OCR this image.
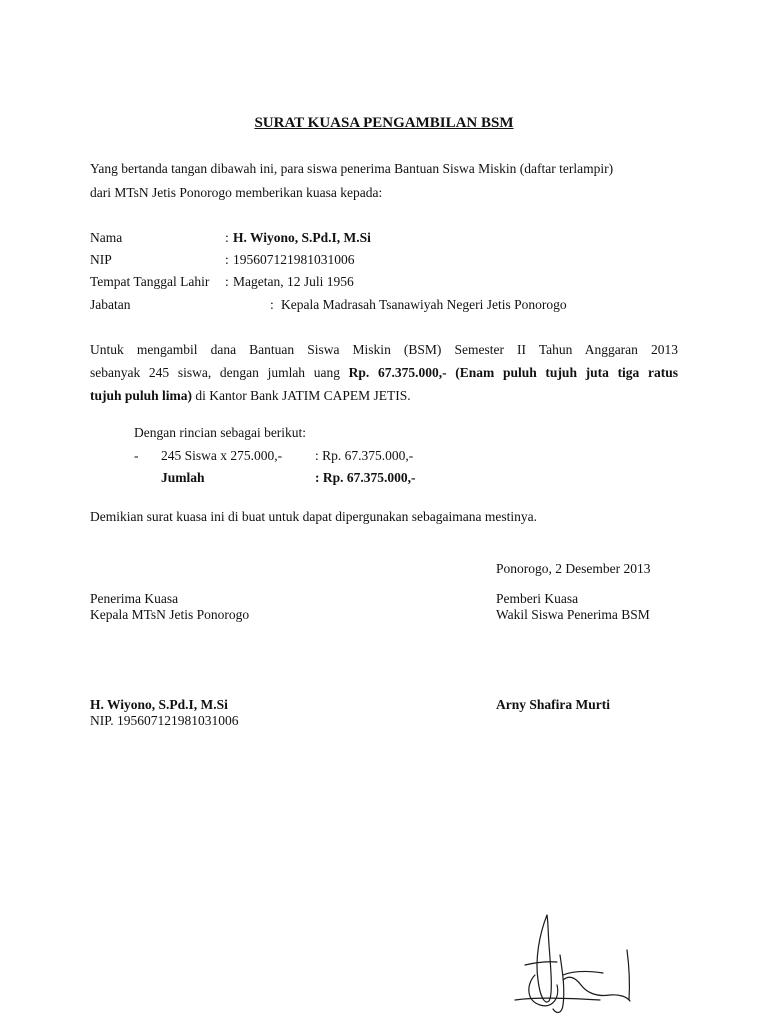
SURAT KUASA PENGAMBILAN BSM
Yang bertanda tangan dibawah ini, para siswa penerima Bantuan Siswa Miskin (daftar terlampir)
dari MTsN Jetis Ponorogo memberikan kuasa kepada:
Nama	: H. Wiyono, S.Pd.I, M.Si
NIP	: 195607121981031006
Tempat Tanggal Lahir : Magetan, 12 Juli 1956
Jabatan	: Kepala Madrasah Tsanawiyah Negeri Jetis Ponorogo
Untuk mengambil dana Bantuan Siswa Miskin (BSM) Semester II Tahun Anggaran 2013
sebanyak 245 siswa, dengan jumlah uang Rp. 67.375.000,- (Enam puluh tujuh juta tiga ratus
tujuh puluh lima) di Kantor Bank JATIM CAPEM JETIS.
Dengan rincian sebagai berikut:
- 245 Siswa x 275.000,- : Rp. 67.375.000,-
Jumlah	: Rp. 67.375.000,-
Demikian surat kuasa ini di buat untuk dapat dipergunakan sebagaimana mestinya.
Ponorogo, 2 Desember 2013
Penerima Kuasa
Kepala MTsN Jetis Ponorogo
H. Wiyono, S.Pd.I, M.Si
NIP. 195607121981031006
Pemberi Kuasa
Wakil Siswa Penerima BSM
Arny Shafira Murti
